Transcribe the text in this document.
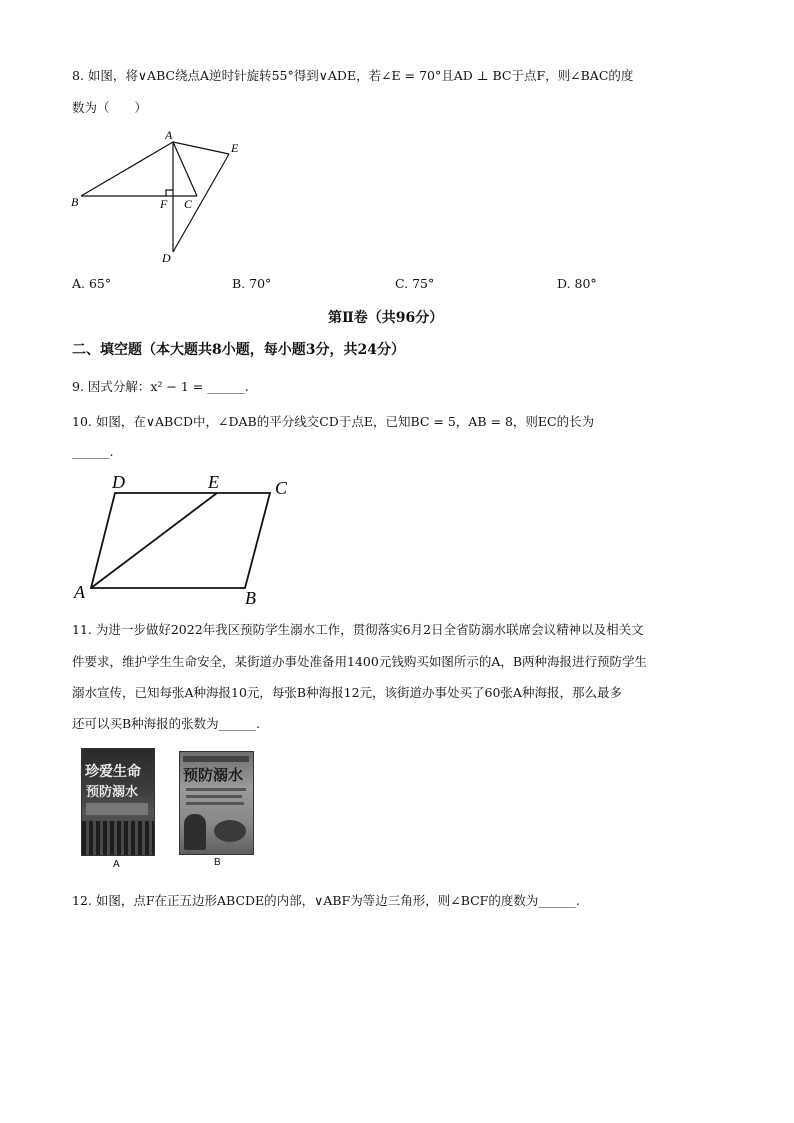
8. 如图，将∨ABC绕点A逆时针旋转55°得到∨ADE，若∠E = 70°且AD ⊥ BC于点F，则∠BAC的度
数为（　　）
A
B	C
F
D
E
A. 65°	B. 70°	C. 75°	D. 80°
第Ⅱ卷（共96分）
二、填空题（本大题共8小题，每小题3分，共24分）
9. 因式分解：x² − 1 = ______.
10. 如图，在∨ABCD中，∠DAB的平分线交CD于点E，已知BC = 5，AB = 8，则EC的长为
______.
D	E	C
A	B
11. 为进一步做好2022年我区预防学生溺水工作，贯彻落实6月2日全省防溺水联席会议精神以及相关文
件要求，维护学生生命安全，某街道办事处准备用1400元钱购买如图所示的A，B两种海报进行预防学生
溺水宣传，已知每张A种海报10元，每张B种海报12元，该街道办事处买了60张A种海报，那么最多
还可以买B种海报的张数为______.
珍爱生命
预防溺水
A
预防溺水
B
12. 如图，点F在正五边形ABCDE的内部，∨ABF为等边三角形，则∠BCF的度数为______.
